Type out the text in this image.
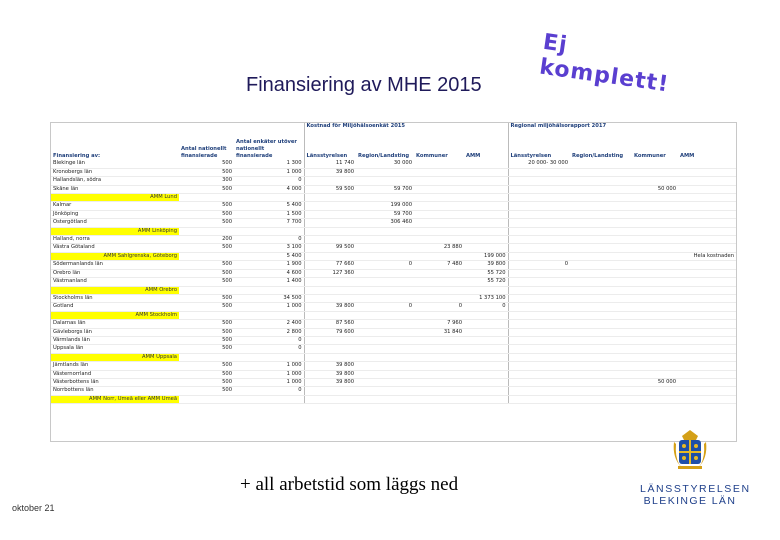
Finansiering av MHE 2015
Ej komplett!
			Kostnad för Miljöhälsoenkät 2015				Regional miljöhälsorapport 2017			
Finansiering av:	Antal nationellt finansierade	Antal enkäter utöver nationellt finansierade	Länsstyrelsen	Region/Landsting	Kommuner	AMM	Länsstyrelsen	Region/Landsting	Kommuner	AMM
Blekinge län	500	1 300	11 740	30 000			20 000- 30 000			
Kronobergs län	500	1 000	39 800							
Hallandslän, södra	300	0								
Skåne län	500	4 000	59 500	59 700					50 000	
AMM Lund										
Kalmar	500	5 400		199 000						
Jönköping	500	1 500		59 700						
Östergötland	500	7 700		306 460						
AMM Linköping										
Halland, norra	200	0								
Västra Götaland	500	3 100	99 500		23 880					
AMM Sahlgrenska, Göteborg		5 400				199 000				Hela kostnaden
Södermanlands län	500	1 900	77 660	0	7 480	39 800	0			
Örebro län	500	4 600	127 360			55 720				
Västmanland	500	1 400				55 720				
AMM Örebro										
Stockholms län	500	34 500				1 373 100				
Gotland	500	1 000	39 800	0	0	0				
AMM Stockholm										
Dalarnas län	500	2 400	87 560		7 960					
Gävleborgs län	500	2 800	79 600		31 840					
Värmlands län	500	0								
Uppsala län	500	0								
AMM Uppsala										
Jämtlands län	500	1 000	39 800							
Västernorrland	500	1 000	39 800							
Västerbottens län	500	1 000	39 800						50 000	
Norrbottens län	500	0								
AMM Norr, Umeå eller AMM Umeå										
+ all arbetstid som läggs ned
oktober 21
LÄNSSTYRELSEN
BLEKINGE LÄN
